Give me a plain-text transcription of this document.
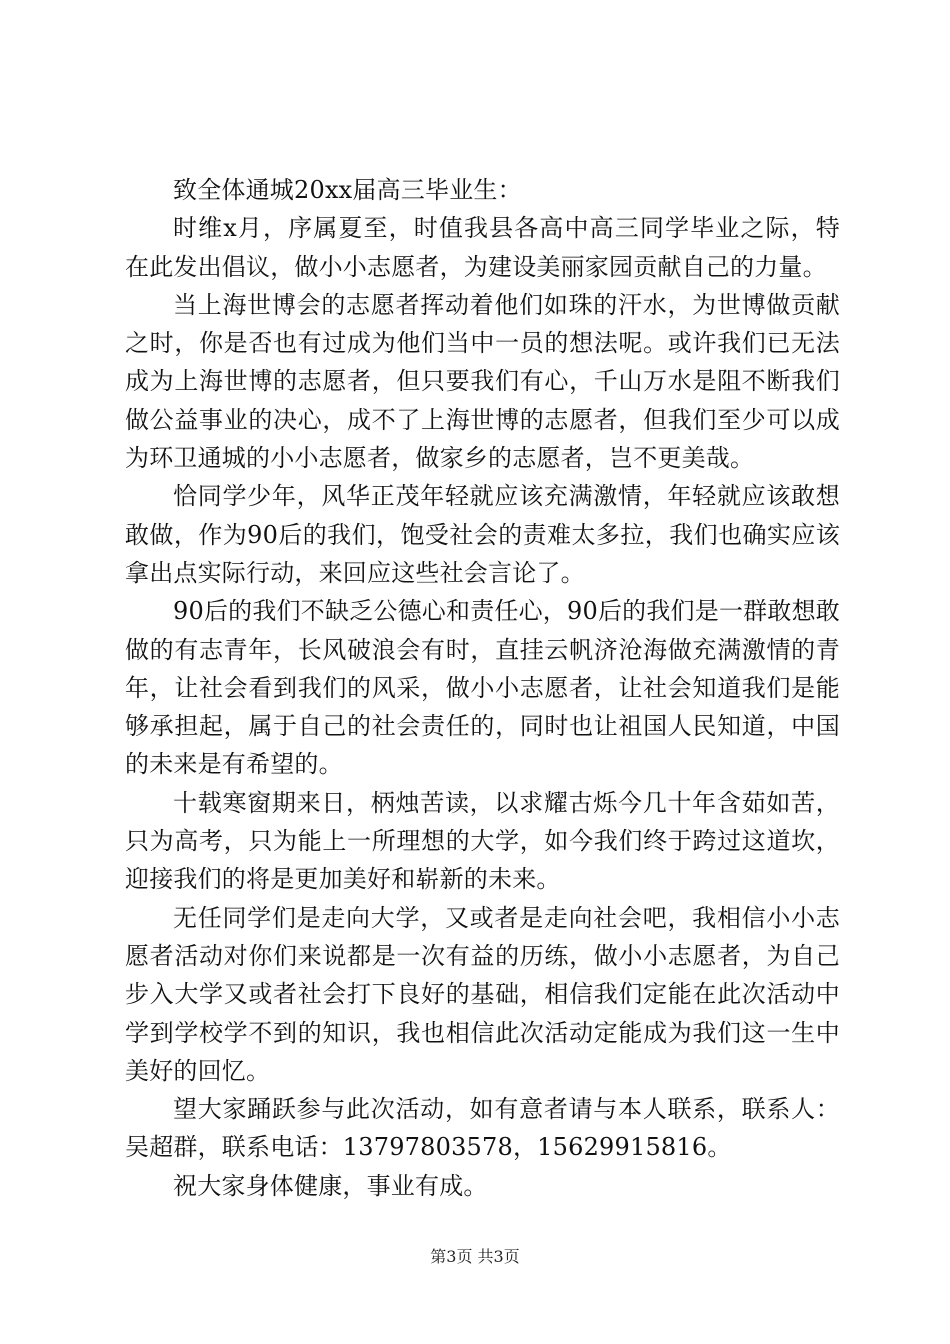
致全体通城20xx届高三毕业生：

时维x月，序属夏至，时值我县各高中高三同学毕业之际，特在此发出倡议，做小小志愿者，为建设美丽家园贡献自己的力量。

当上海世博会的志愿者挥动着他们如珠的汗水，为世博做贡献之时，你是否也有过成为他们当中一员的想法呢。或许我们已无法成为上海世博的志愿者，但只要我们有心，千山万水是阻不断我们做公益事业的决心，成不了上海世博的志愿者，但我们至少可以成为环卫通城的小小志愿者，做家乡的志愿者，岂不更美哉。

恰同学少年，风华正茂年轻就应该充满激情，年轻就应该敢想敢做，作为90后的我们，饱受社会的责难太多拉，我们也确实应该拿出点实际行动，来回应这些社会言论了。

90后的我们不缺乏公德心和责任心，90后的我们是一群敢想敢做的有志青年，长风破浪会有时，直挂云帆济沧海做充满激情的青年，让社会看到我们的风采，做小小志愿者，让社会知道我们是能够承担起，属于自己的社会责任的，同时也让祖国人民知道，中国的未来是有希望的。

十载寒窗期来日，柄烛苦读，以求耀古烁今几十年含茹如苦，只为高考，只为能上一所理想的大学，如今我们终于跨过这道坎，迎接我们的将是更加美好和崭新的未来。

无任同学们是走向大学，又或者是走向社会吧，我相信小小志愿者活动对你们来说都是一次有益的历练，做小小志愿者，为自己步入大学又或者社会打下良好的基础，相信我们定能在此次活动中学到学校学不到的知识，我也相信此次活动定能成为我们这一生中美好的回忆。

望大家踊跃参与此次活动，如有意者请与本人联系，联系人：吴超群，联系电话：13797803578，15629915816。

祝大家身体健康，事业有成。

第3页 共3页
